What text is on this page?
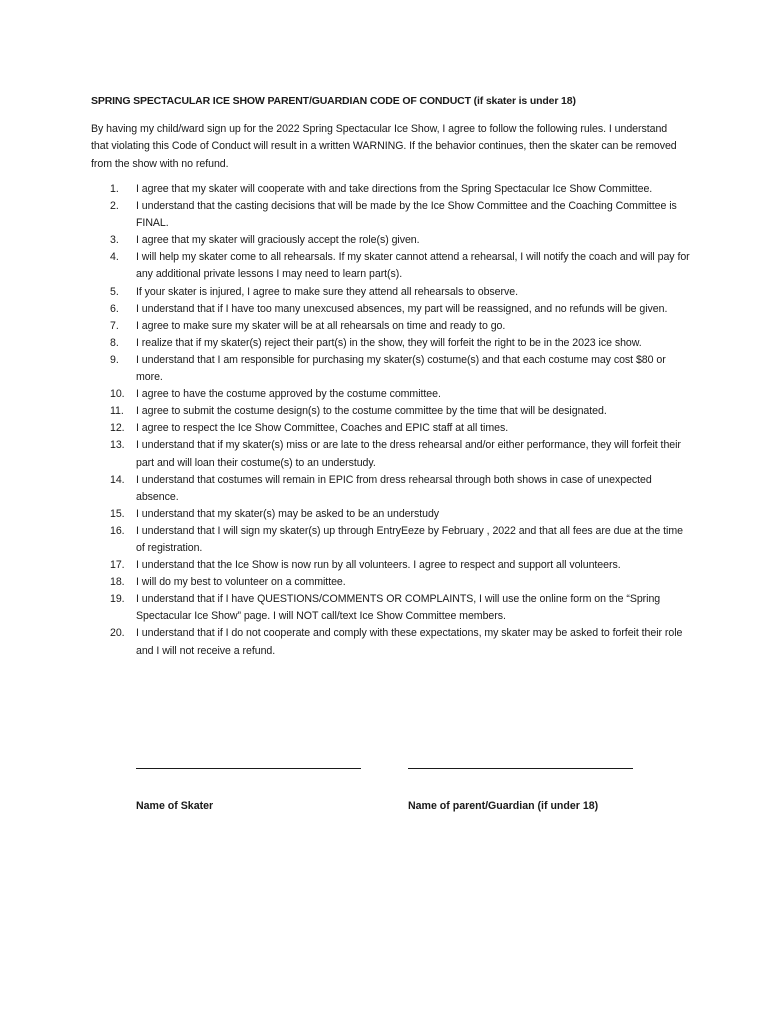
SPRING SPECTACULAR ICE SHOW PARENT/GUARDIAN CODE OF CONDUCT (if skater is under 18)
By having my child/ward sign up for the 2022 Spring Spectacular Ice Show, I agree to follow the following rules. I understand that violating this Code of Conduct will result in a written WARNING. If the behavior continues, then the skater can be removed from the show with no refund.
1.	I agree that my skater will cooperate with and take directions from the Spring Spectacular Ice Show Committee.
2.	I understand that the casting decisions that will be made by the Ice Show Committee and the Coaching Committee is FINAL.
3.	I agree that my skater will graciously accept the role(s) given.
4.	I will help my skater come to all rehearsals. If my skater cannot attend a rehearsal, I will notify the coach and will pay for any additional private lessons I may need to learn part(s).
5.	If your skater is injured, I agree to make sure they attend all rehearsals to observe.
6.	I understand that if I have too many unexcused absences, my part will be reassigned, and no refunds will be given.
7.	I agree to make sure my skater will be at all rehearsals on time and ready to go.
8.	I realize that if my skater(s) reject their part(s) in the show, they will forfeit the right to be in the 2023 ice show.
9.	I understand that I am responsible for purchasing my skater(s) costume(s) and that each costume may cost $80 or more.
10.	I agree to have the costume approved by the costume committee.
11.	I agree to submit the costume design(s) to the costume committee by the time that will be designated.
12.	I agree to respect the Ice Show Committee, Coaches and EPIC staff at all times.
13.	I understand that if my skater(s) miss or are late to the dress rehearsal and/or either performance, they will forfeit their part and will loan their costume(s) to an understudy.
14.	I understand that costumes will remain in EPIC from dress rehearsal through both shows in case of unexpected absence.
15.	I understand that my skater(s) may be asked to be an understudy
16.	I understand that I will sign my skater(s) up through EntryEeze by February , 2022 and that all fees are due at the time of registration.
17.	I understand that the Ice Show is now run by all volunteers. I agree to respect and support all volunteers.
18.	I will do my best to volunteer on a committee.
19.	I understand that if I have QUESTIONS/COMMENTS OR COMPLAINTS, I will use the online form on the “Spring Spectacular Ice Show” page. I will NOT call/text Ice Show Committee members.
20.	I understand that if I do not cooperate and comply with these expectations, my skater may be asked to forfeit their role and I will not receive a refund.
Name of Skater	Name of parent/Guardian (if under 18)
